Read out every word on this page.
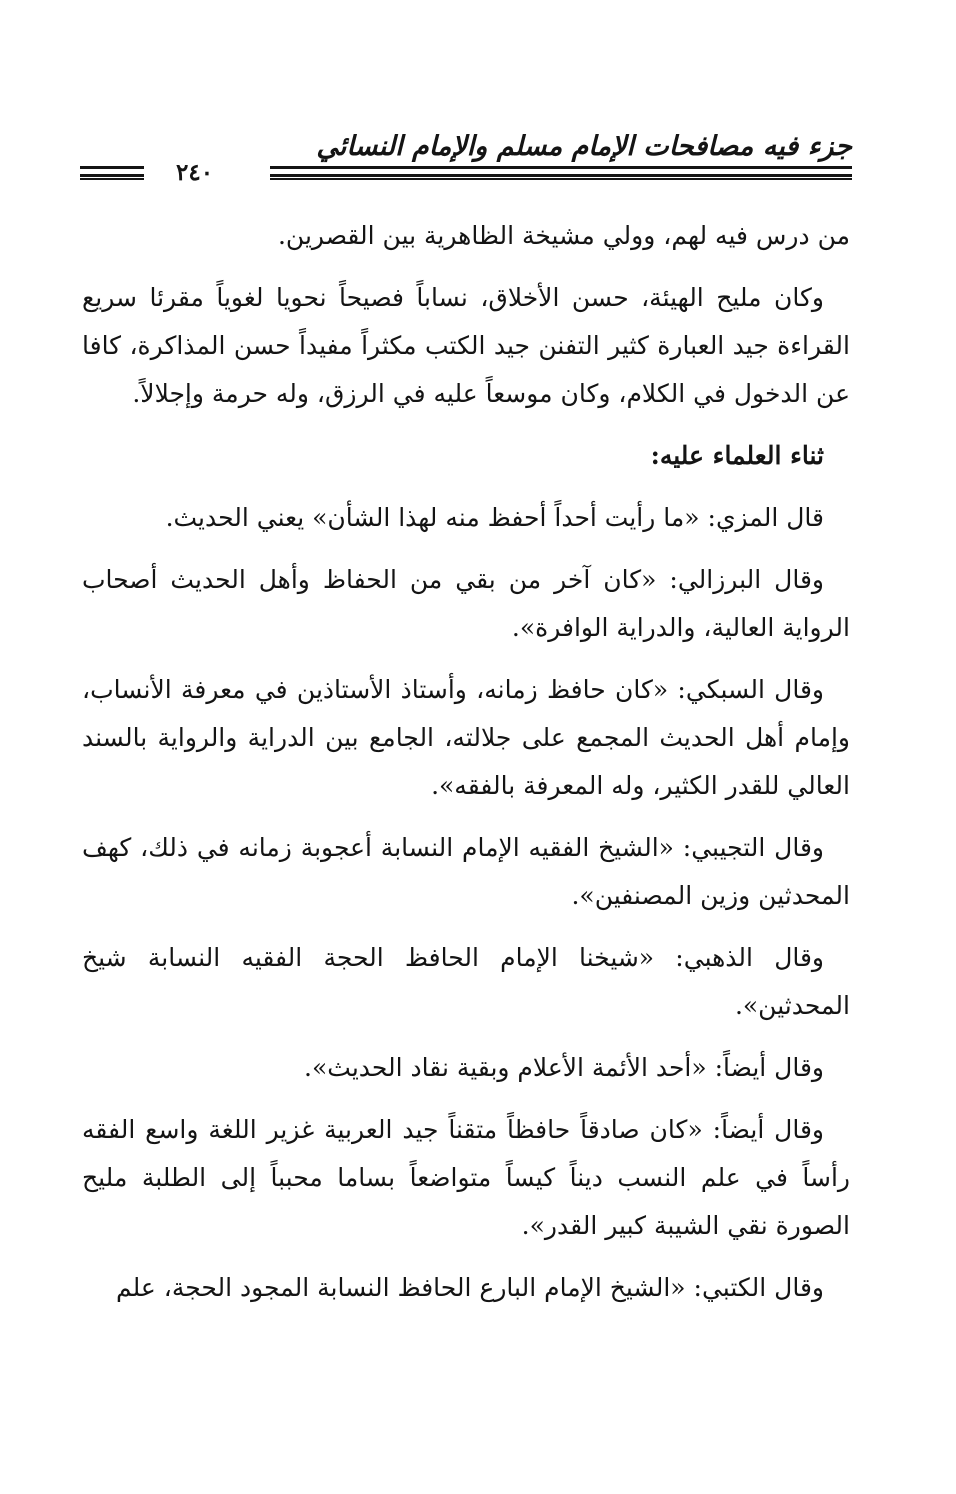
جزء فيه مصافحات الإمام مسلم والإمام النسائي
٢٤٠

من درس فيه لهم، وولي مشيخة الظاهرية بين القصرين.

وكان مليح الهيئة، حسن الأخلاق، نساباً فصيحاً نحويا لغوياً مقرئا سريع القراءة جيد العبارة كثير التفنن جيد الكتب مكثراً مفيداً حسن المذاكرة، كافا عن الدخول في الكلام، وكان موسعاً عليه في الرزق، وله حرمة وإجلالاً.

ثناء العلماء عليه:

قال المزي: «ما رأيت أحداً أحفظ منه لهذا الشأن» يعني الحديث.

وقال البرزالي: «كان آخر من بقي من الحفاظ وأهل الحديث أصحاب الرواية العالية، والدراية الوافرة».

وقال السبكي: «كان حافظ زمانه، وأستاذ الأستاذين في معرفة الأنساب، وإمام أهل الحديث المجمع على جلالته، الجامع بين الدراية والرواية بالسند العالي للقدر الكثير، وله المعرفة بالفقه».

وقال التجيبي: «الشيخ الفقيه الإمام النسابة أعجوبة زمانه في ذلك، كهف المحدثين وزين المصنفين».

وقال الذهبي: «شيخنا الإمام الحافظ الحجة الفقيه النسابة شيخ المحدثين».

وقال أيضاً: «أحد الأئمة الأعلام وبقية نقاد الحديث».

وقال أيضاً: «كان صادقاً حافظاً متقناً جيد العربية غزير اللغة واسع الفقه رأساً في علم النسب ديناً كيساً متواضعاً بساما محبباً إلى الطلبة مليح الصورة نقي الشيبة كبير القدر».

وقال الكتبي: «الشيخ الإمام البارع الحافظ النسابة المجود الحجة، علم
